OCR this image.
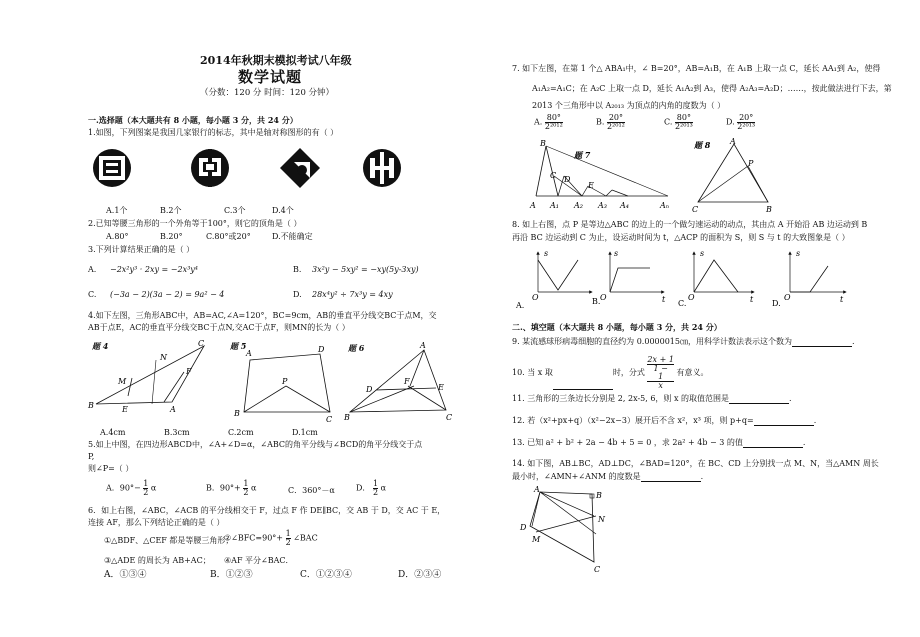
2014年秋期末模拟考试八年级
数学试题
（分数：120 分 时间：120 分钟）
一.选择题（本大题共有 8 小题，每小题 3 分，共 24 分）
1.如图，下列图案是我国几家银行的标志，其中是轴对称图形的有（ ）
A.1个	B.2个	C.3个	D.4个
2.已知等腰三角形的一个外角等于100°，则它的顶角是（ ）
A.80°	B.20°	C.80°或20°	D.不能确定
3.下列计算结果正确的是（ ）
A. −2x²y³ · 2xy = −2x³y⁴	B. 3x²y − 5xy² = −xy(5y-3xy)
C. (−3a − 2)(3a − 2) = 9a² − 4	D. 28x⁴y² ÷ 7x³y = 4xy
4.如下左图，三角形ABC中，AB=AC,∠A=120°，BC=9cm，AB的垂直平分线交BC于点M，交
AB于点E，AC的垂直平分线交BC于点N,交AC于点F，则MN的长为（ ）
题 4
B
C
A
E
M
N
F
题 5
A	D
B
C
P
题 6	A
D	E
F
B	C
A.4cm	B.3cm	C.2cm	D.1cm
5.如上中图，在四边形ABCD中，∠A+∠D=α，∠ABC的角平分线与∠BCD的角平分线交于点
P,
则∠P=（ ）
A．$90^\circ- \frac{1}{2}$ α	B．$90^\circ+ \frac{1}{2}$ α	C．360°－α	D． $\frac{1}{2}$ α
6．如上右图，∠ABC，∠ACB 的平分线相交于 F，过点 F 作 DE∥BC，交 AB 于 D，交 AC 于 E，
连接 AF，那么下列结论正确的是（ ）
①△BDF、△CEF 都是等腰三角形；
②∠BFC=90°+ $\frac{1}{2}$ ∠BAC
③△ADE 的周长为 AB+AC； ④AF 平分∠BAC．
A．①③④	B．①②③	C．①②③④	D．②③④
7. 如下左图，在第 1 个△ ABA₁中，∠ B=20°，AB=A₁B，在 A₁B 上取一点 C，延长 AA₁到 A₂，使得
A₁A₂=A₁C；在 A₂C 上取一点 D，延长 A₁A₂到 A₃，使得 A₂A₃=A₂D；……，按此做法进行下去，第
2013 个三角形中以 A₂₀₁₃ 为顶点的内角的度数为（ ）
A. $\frac{80^\circ}{\text{2²⁰¹²}}$	B. $\frac{20^\circ}{\text{2²⁰¹²}}$	C. $\frac{80^\circ}{\text{2²⁰¹³}}$	D. $\frac{20^\circ}{\text{2²⁰¹³}}$
B
题 7
C D
E
A A₁ A₂ A₃ A₄	Aₙ
题 8 A
P
C	B
8. 如上右图，点 P 是等边△ABC 的边上的一个做匀速运动的动点，其由点 A 开始沿 AB 边运动到 B
再沿 BC 边运动到 C 为止，设运动时间为 t，△ACP 的面积为 S，则 S 与 t 的大致图象是（ ）
s
O
A.
s
O	t
B.
s
O	t
C.
s
O	t
D.
二.、填空题（本大题共 8 小题，每小题 3 分，共 24 分）
9. 某流感球形病毒细胞的直径约为 0.0000015㎝，用科学计数法表示这个数为	.
10. 当 x 取	时，分式 2x + 1
1 −
1
x 有意义。
11. 三角形的三条边长分别是 2, 2x-5, 6，则 x 的取值范围是	.
12. 若（x²+px+q）（x²−2x−3）展开后不含 x²，x³ 项，则 p+q=	.
13. 已知 a² + b² + 2a − 4b + 5 = 0 ，求 2a² + 4b − 3 的值	.
14. 如下图，AB⊥BC，AD⊥DC，∠BAD=120°，在 BC、CD 上分别找一点 M、N，当△AMN 周长
最小时，∠AMN+∠ANM 的度数是	.
A
B
N
D
M
C
